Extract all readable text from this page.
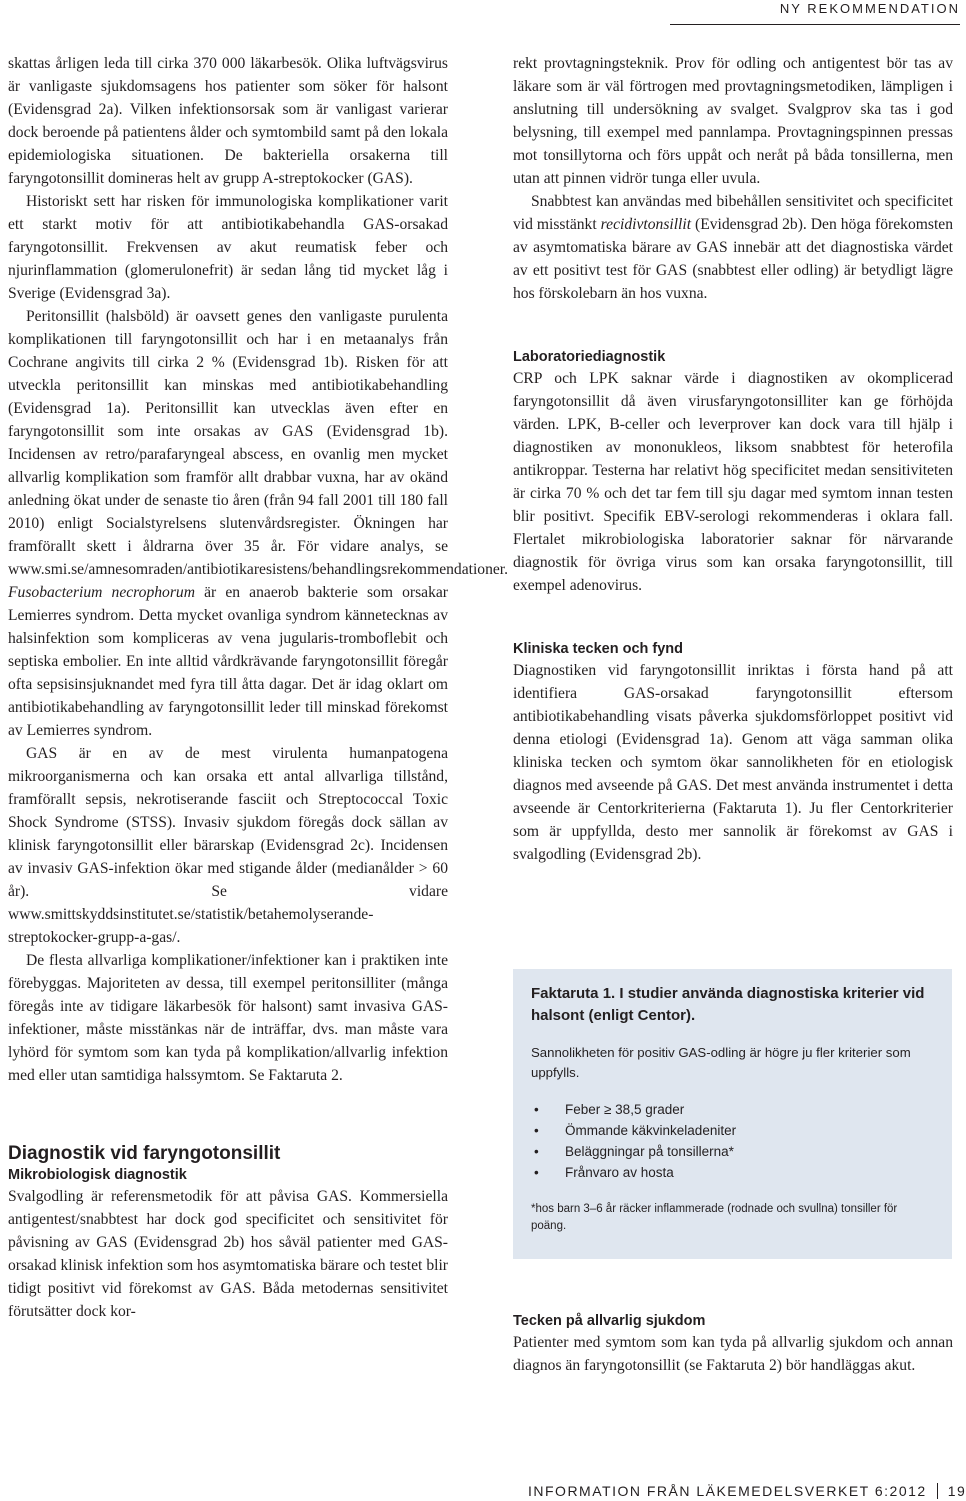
NY REKOMMENDATION

skattas årligen leda till cirka 370 000 läkarbesök. Olika luftvägsvirus är vanligaste sjukdomsagens hos patienter som söker för halsont (Evidensgrad 2a). Vilken infektionsorsak som är vanligast varierar dock beroende på patientens ålder och symtombild samt på den lokala epidemiologiska situationen. De bakteriella orsakerna till faryngotonsillit domineras helt av grupp A-streptokocker (GAS).

Historiskt sett har risken för immunologiska komplikationer varit ett starkt motiv för att antibiotikabehandla GAS-orsakad faryngotonsillit. Frekvensen av akut reumatisk feber och njurinflammation (glomerulonefrit) är sedan lång tid mycket låg i Sverige (Evidensgrad 3a).

Peritonsillit (halsböld) är oavsett genes den vanligaste purulenta komplikationen till faryngotonsillit och har i en metaanalys från Cochrane angivits till cirka 2 % (Evidensgrad 1b). Risken för att utveckla peritonsillit kan minskas med antibiotikabehandling (Evidensgrad 1a). Peritonsillit kan utvecklas även efter en faryngotonsillit som inte orsakas av GAS (Evidensgrad 1b). Incidensen av retro/parafaryngeal abscess, en ovanlig men mycket allvarlig komplikation som framför allt drabbar vuxna, har av okänd anledning ökat under de senaste tio åren (från 94 fall 2001 till 180 fall 2010) enligt Socialstyrelsens slutenvårdsregister. Ökningen har framförallt skett i åldrarna över 35 år. För vidare analys, se www.smi.se/amnesomraden/antibiotikaresistens/behandlingsrekommendationer.

Fusobacterium necrophorum är en anaerob bakterie som orsakar Lemierres syndrom. Detta mycket ovanliga syndrom kännetecknas av halsinfektion som kompliceras av vena jugularis-tromboflebit och septiska embolier. En inte alltid vårdkrävande faryngotonsillit föregår ofta sepsisinsjuknandet med fyra till åtta dagar. Det är idag oklart om antibiotikabehandling av faryngotonsillit leder till minskad förekomst av Lemierres syndrom.

GAS är en av de mest virulenta humanpatogena mikroorganismerna och kan orsaka ett antal allvarliga tillstånd, framförallt sepsis, nekrotiserande fasciit och Streptococcal Toxic Shock Syndrome (STSS). Invasiv sjukdom föregås dock sällan av klinisk faryngotonsillit eller bärarskap (Evidensgrad 2c). Incidensen av invasiv GAS-infektion ökar med stigande ålder (medianålder > 60 år). Se vidare www.smittskyddsinstitutet.se/statistik/betahemolyserande-streptokocker-grupp-a-gas/.

De flesta allvarliga komplikationer/infektioner kan i praktiken inte förebyggas. Majoriteten av dessa, till exempel peritonsilliter (många föregås inte av tidigare läkarbesök för halsont) samt invasiva GAS-infektioner, måste misstänkas när de inträffar, dvs. man måste vara lyhörd för symtom som kan tyda på komplikation/allvarlig infektion med eller utan samtidiga halssymtom. Se Faktaruta 2.

Diagnostik vid faryngotonsillit
Mikrobiologisk diagnostik

Svalgodling är referensmetodik för att påvisa GAS. Kommersiella antigentest/snabbtest har dock god specificitet och sensitivitet för påvisning av GAS (Evidensgrad 2b) hos såväl patienter med GAS-orsakad klinisk infektion som hos asymtomatiska bärare och testet blir tidigt positivt vid förekomst av GAS. Båda metodernas sensitivitet förutsätter dock kor-

rekt provtagningsteknik. Prov för odling och antigentest bör tas av läkare som är väl förtrogen med provtagningsmetodiken, lämpligen i anslutning till undersökning av svalget. Svalgprov ska tas i god belysning, till exempel med pannlampa. Provtagningspinnen pressas mot tonsillytorna och förs uppåt och neråt på båda tonsillerna, men utan att pinnen vidrör tunga eller uvula.

Snabbtest kan användas med bibehållen sensitivitet och specificitet vid misstänkt recidivtonsillit (Evidensgrad 2b). Den höga förekomsten av asymtomatiska bärare av GAS innebär att det diagnostiska värdet av ett positivt test för GAS (snabbtest eller odling) är betydligt lägre hos förskolebarn än hos vuxna.

Laboratoriediagnostik

CRP och LPK saknar värde i diagnostiken av okomplicerad faryngotonsillit då även virusfaryngotonsilliter kan ge förhöjda värden. LPK, B-celler och leverprover kan dock vara till hjälp i diagnostiken av mononukleos, liksom snabbtest för heterofila antikroppar. Testerna har relativt hög specificitet medan sensitiviteten är cirka 70 % och det tar fem till sju dagar med symtom innan testen blir positivt. Specifik EBV-serologi rekommenderas i oklara fall. Flertalet mikrobiologiska laboratorier saknar för närvarande diagnostik för övriga virus som kan orsaka faryngotonsillit, till exempel adenovirus.

Kliniska tecken och fynd

Diagnostiken vid faryngotonsillit inriktas i första hand på att identifiera GAS-orsakad faryngotonsillit eftersom antibiotikabehandling visats påverka sjukdomsförloppet positivt vid denna etiologi (Evidensgrad 1a). Genom att väga samman olika kliniska tecken och symtom ökar sannolikheten för en etiologisk diagnos med avseende på GAS. Det mest använda instrumentet i detta avseende är Centorkriterierna (Faktaruta 1). Ju fler Centorkriterier som är uppfyllda, desto mer sannolik är förekomst av GAS i svalgodling (Evidensgrad 2b).

Faktaruta 1. I studier använda diagnostiska kriterier vid halsont (enligt Centor).

Sannolikheten för positiv GAS-odling är högre ju fler kriterier som uppfylls.

• Feber ≥ 38,5 grader
• Ömmande käkvinkeladeniter
• Beläggningar på tonsillerna*
• Frånvaro av hosta

*hos barn 3–6 år räcker inflammerade (rodnade och svullna) tonsiller för poäng.

Tecken på allvarlig sjukdom

Patienter med symtom som kan tyda på allvarlig sjukdom och annan diagnos än faryngotonsillit (se Faktaruta 2) bör handläggas akut.

INFORMATION FRÅN LÄKEMEDELSVERKET 6:2012 19
